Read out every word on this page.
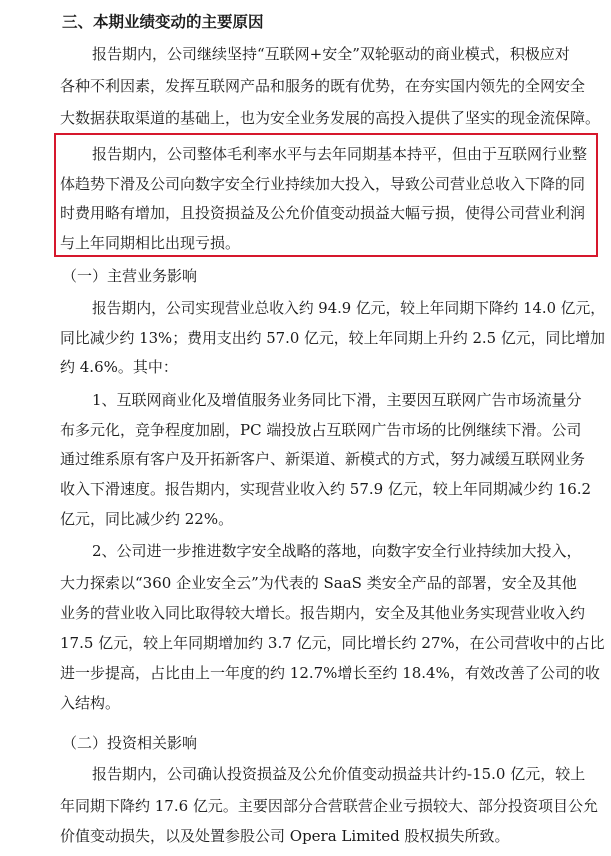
三、本期业绩变动的主要原因
报告期内，公司继续坚持“互联网+安全”双轮驱动的商业模式，积极应对
各种不利因素，发挥互联网产品和服务的既有优势，在夯实国内领先的全网安全
大数据获取渠道的基础上，也为安全业务发展的高投入提供了坚实的现金流保障。
报告期内，公司整体毛利率水平与去年同期基本持平，但由于互联网行业整
体趋势下滑及公司向数字安全行业持续加大投入，导致公司营业总收入下降的同
时费用略有增加，且投资损益及公允价值变动损益大幅亏损，使得公司营业利润
与上年同期相比出现亏损。
（一）主营业务影响
报告期内，公司实现营业总收入约 94.9 亿元，较上年同期下降约 14.0 亿元，
同比减少约 13%；费用支出约 57.0 亿元，较上年同期上升约 2.5 亿元，同比增加
约 4.6%。其中：
1、互联网商业化及增值服务业务同比下滑，主要因互联网广告市场流量分
布多元化，竞争程度加剧，PC 端投放占互联网广告市场的比例继续下滑。公司
通过维系原有客户及开拓新客户、新渠道、新模式的方式，努力减缓互联网业务
收入下滑速度。报告期内，实现营业收入约 57.9 亿元，较上年同期减少约 16.2
亿元，同比减少约 22%。
2、公司进一步推进数字安全战略的落地，向数字安全行业持续加大投入，
大力探索以“360 企业安全云”为代表的 SaaS 类安全产品的部署，安全及其他
业务的营业收入同比取得较大增长。报告期内，安全及其他业务实现营业收入约
17.5 亿元，较上年同期增加约 3.7 亿元，同比增长约 27%，在公司营收中的占比
进一步提高，占比由上一年度的约 12.7%增长至约 18.4%，有效改善了公司的收
入结构。
（二）投资相关影响
报告期内，公司确认投资损益及公允价值变动损益共计约-15.0 亿元，较上
年同期下降约 17.6 亿元。主要因部分合营联营企业亏损较大、部分投资项目公允
价值变动损失，以及处置参股公司 Opera Limited 股权损失所致。
